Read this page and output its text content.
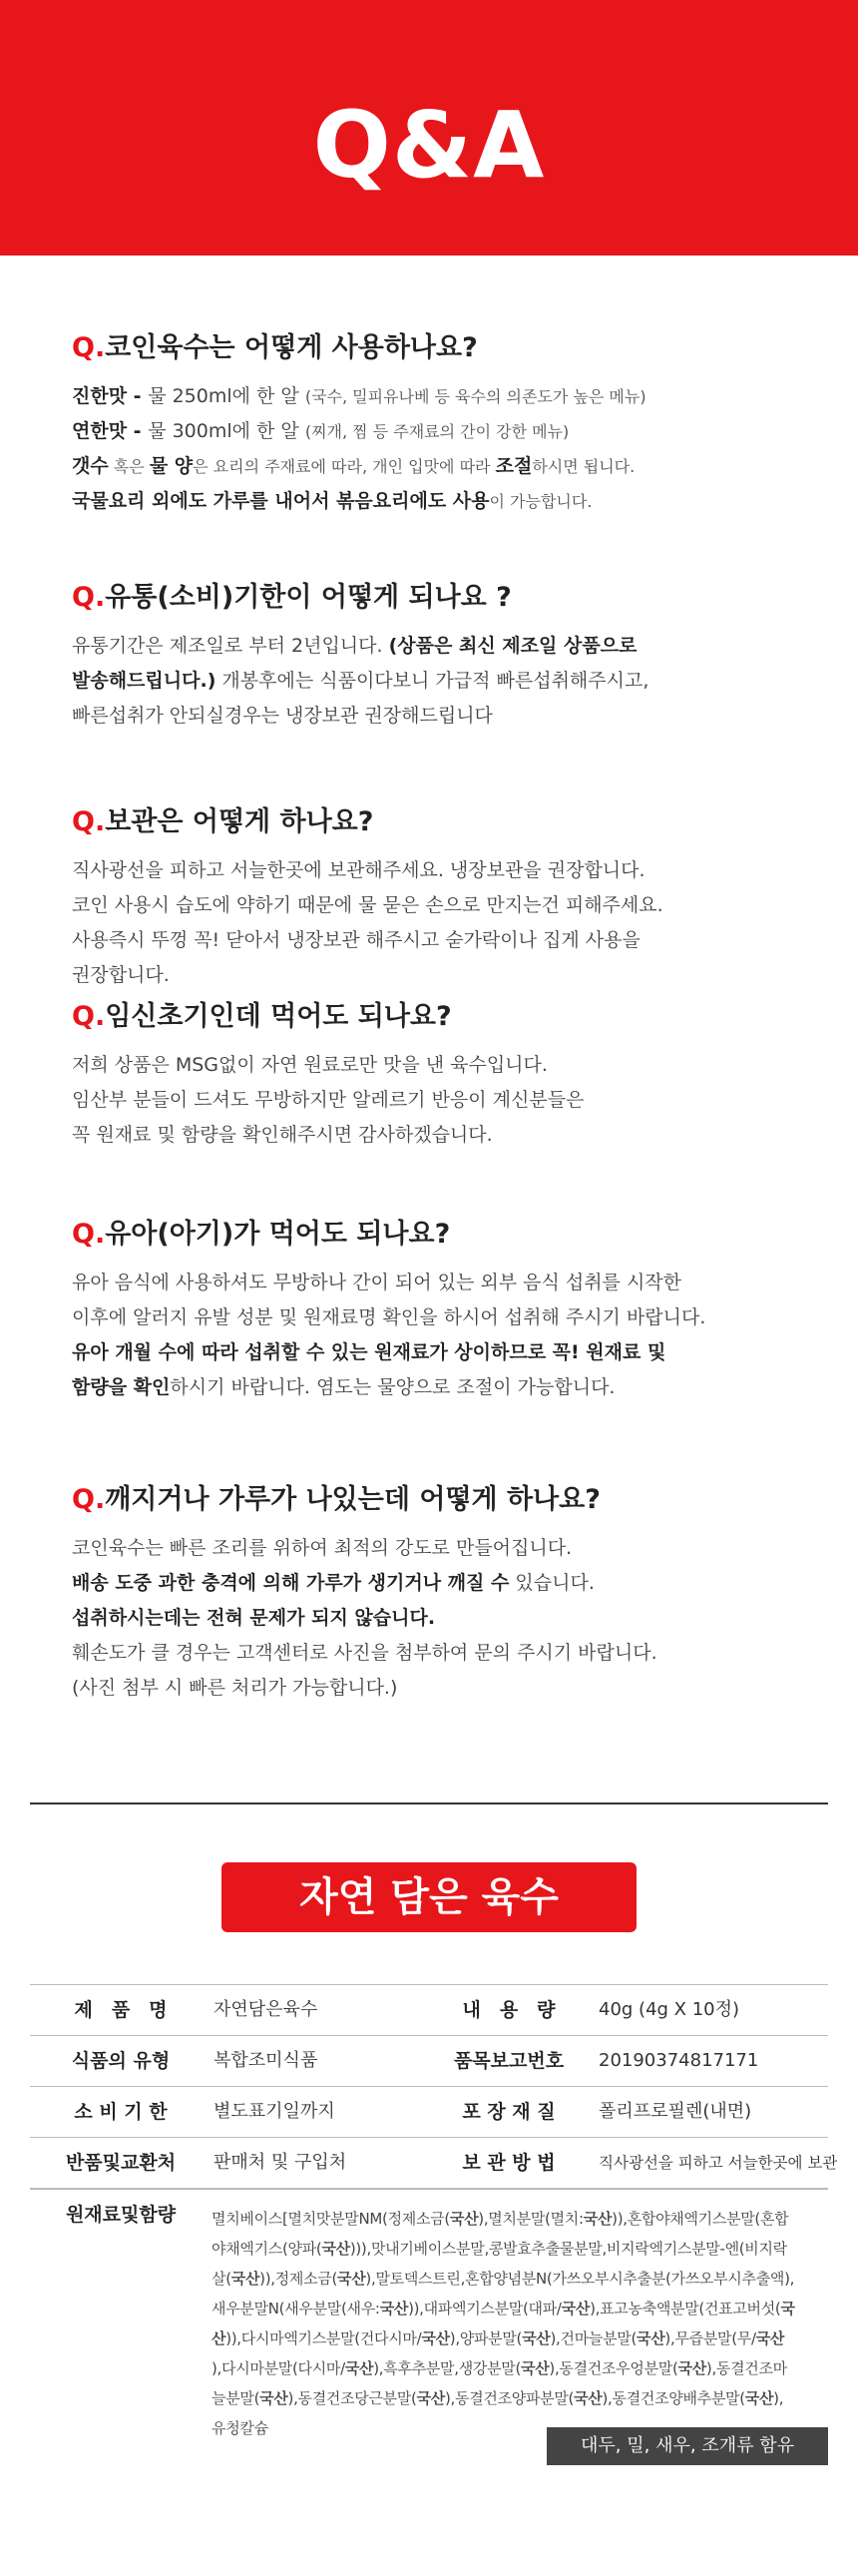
Q&A
Q.코인육수는 어떻게 사용하나요?

진한맛 - 물 250ml에 한 알 (국수, 밀피유나베 등 육수의 의존도가 높은 메뉴)

연한맛 - 물 300ml에 한 알 (찌개, 찜 등 주재료의 간이 강한 메뉴)

갯수 혹은 물 양은 요리의 주재료에 따라, 개인 입맛에 따라 조절하시면 됩니다.

국물요리 외에도 가루를 내어서 볶음요리에도 사용이 가능합니다.

Q.유통(소비)기한이 어떻게 되나요 ?

유통기간은 제조일로 부터 2년입니다. (상품은 최신 제조일 상품으로

발송해드립니다.) 개봉후에는 식품이다보니 가급적 빠른섭취해주시고,

빠른섭취가 안되실경우는 냉장보관 권장해드립니다

Q.보관은 어떻게 하나요?

직사광선을 피하고 서늘한곳에 보관해주세요. 냉장보관을 권장합니다.

코인 사용시 습도에 약하기 때문에 물 묻은 손으로 만지는건 피해주세요.

사용즉시 뚜껑 꼭! 닫아서 냉장보관 해주시고 숟가락이나 집게 사용을

권장합니다.

Q.임신초기인데 먹어도 되나요?

저희 상품은 MSG없이 자연 원료로만 맛을 낸 육수입니다.

임산부 분들이 드셔도 무방하지만 알레르기 반응이 계신분들은

꼭 원재료 및 함량을 확인해주시면 감사하겠습니다.

Q.유아(아기)가 먹어도 되나요?

유아 음식에 사용하셔도 무방하나 간이 되어 있는 외부 음식 섭취를 시작한

이후에 알러지 유발 성분 및 원재료명 확인을 하시어 섭취해 주시기 바랍니다.

유아 개월 수에 따라 섭취할 수 있는 원재료가 상이하므로 꼭! 원재료 및

함량을 확인하시기 바랍니다. 염도는 물양으로 조절이 가능합니다.

Q.깨지거나 가루가 나있는데 어떻게 하나요?

코인육수는 빠른 조리를 위하여 최적의 강도로 만들어집니다.

배송 도중 과한 충격에 의해 가루가 생기거나 깨질 수 있습니다.

섭취하시는데는 전혀 문제가 되지 않습니다.

훼손도가 클 경우는 고객센터로 사진을 첨부하여 문의 주시기 바랍니다.

(사진 첨부 시 빠른 처리가 가능합니다.)

자연 담은 육수
제　품　명	자연담은육수	내　용　량	40g (4g X 10정)
식품의 유형	복합조미식품	품목보고번호	20190374817171
소 비 기 한	별도표기일까지	포 장 재 질	폴리프로필렌(내면)
반품및교환처	판매처 및 구입처	보 관 방 법	직사광선을 피하고 서늘한곳에 보관
원재료및함량	멸치베이스[멸치맛분말NM(정제소금(국산),멸치분말(멸치:국산)),혼합야채엑기스분말(혼합
야채엑기스(양파(국산))),맛내기베이스분말,콩발효추출물분말,비지락엑기스분말-엔(비지락
살(국산)),정제소금(국산),말토덱스트린,혼합양념분N(가쓰오부시추출분(가쓰오부시추출액),
새우분말N(새우분말(새우:국산)),대파엑기스분말(대파/국산),표고농축액분말(건표고버섯(국
산)),다시마엑기스분말(건다시마/국산),양파분말(국산),건마늘분말(국산),무즙분말(무/국산
),다시마분말(다시마/국산),흑후추분말,생강분말(국산),동결건조우엉분말(국산),동결건조마
늘분말(국산),동결건조당근분말(국산),동결건조양파분말(국산),동결건조양배추분말(국산),
유청칼슘
대두, 밀, 새우, 조개류 함유
